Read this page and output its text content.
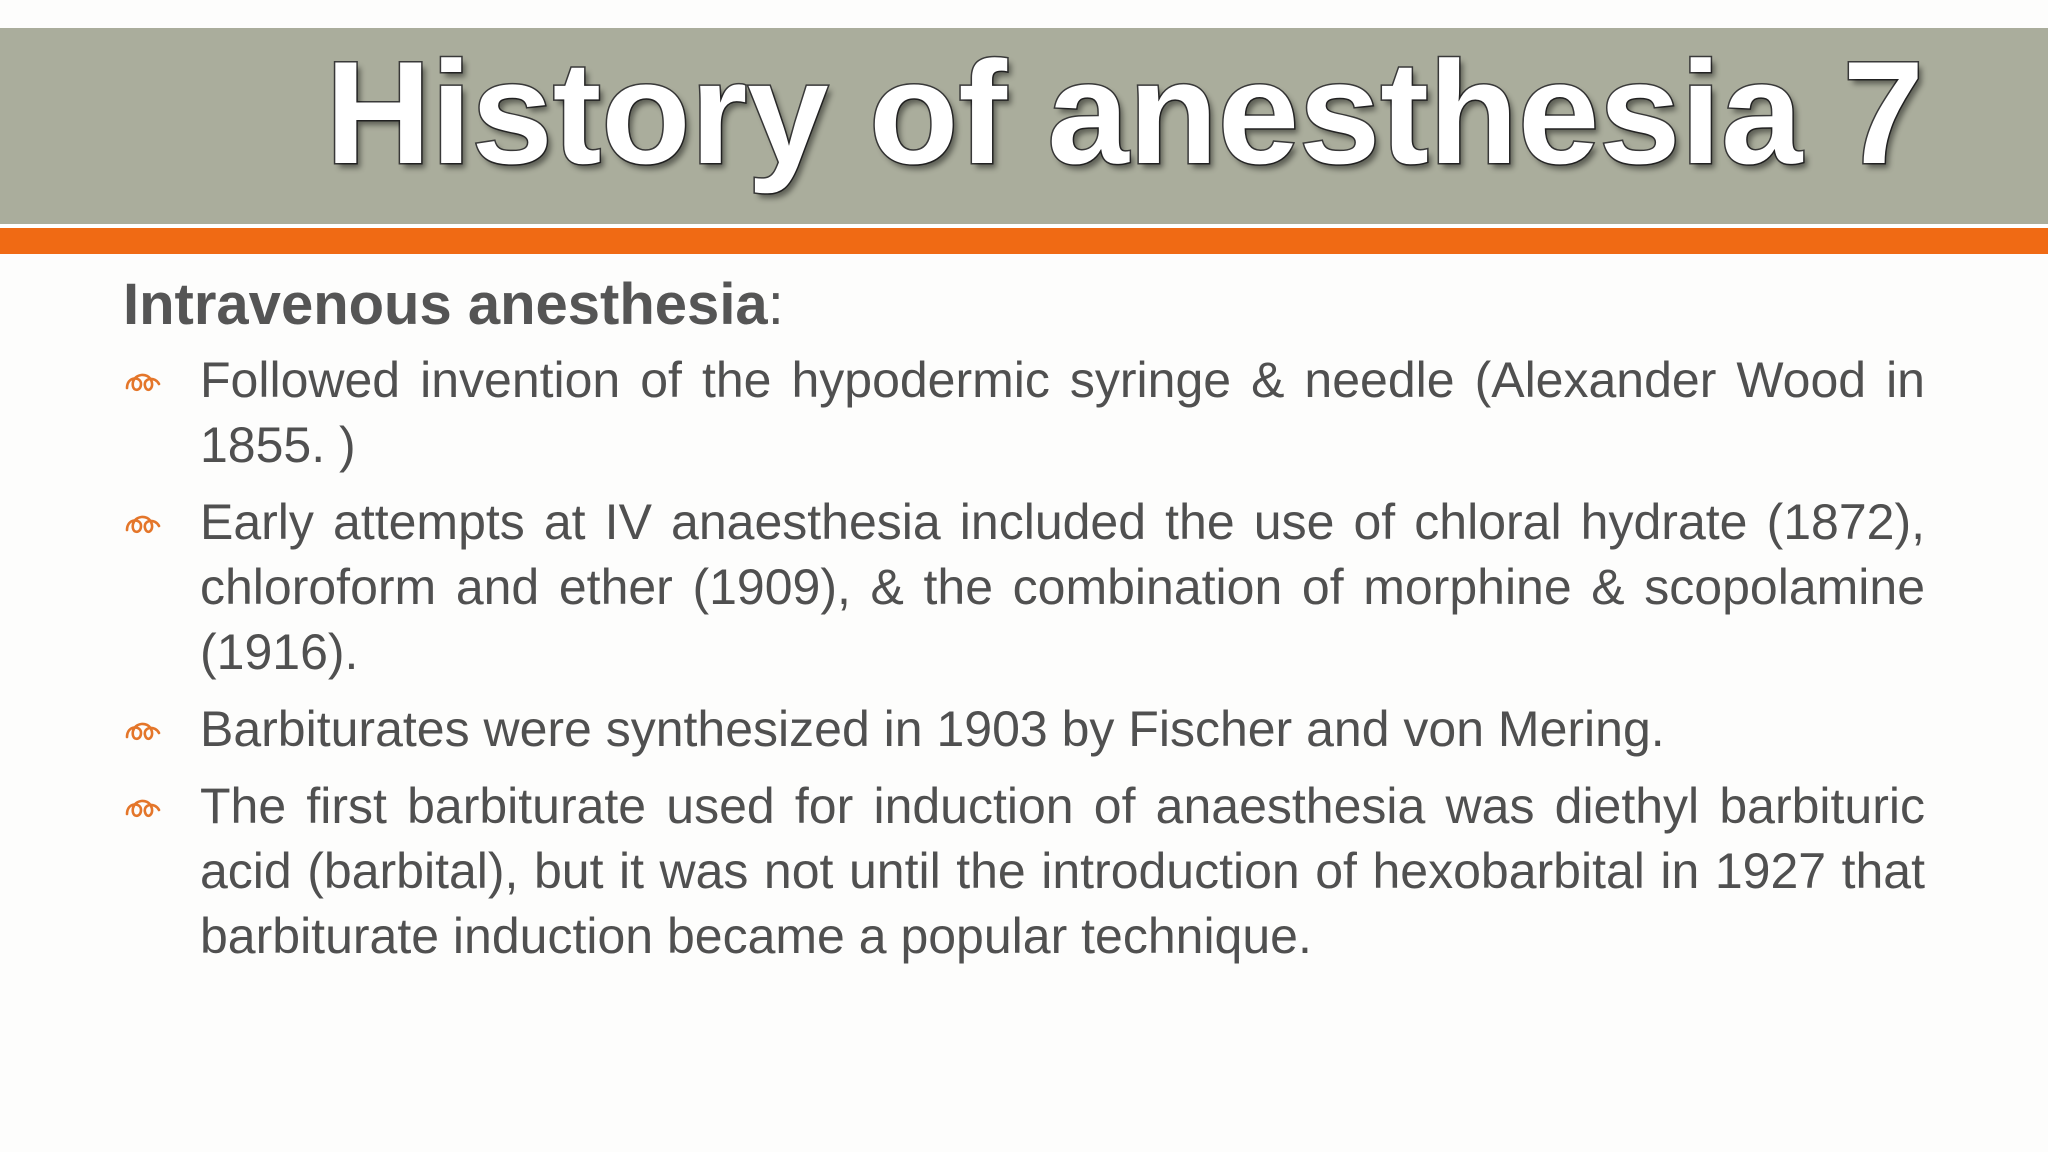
History of anesthesia 7

Intravenous anesthesia:

Followed invention of the hypodermic syringe & needle (Alexander Wood in 1855. )
Early attempts at IV anaesthesia included the use of chloral hydrate (1872), chloroform and ether (1909), & the combination of morphine & scopolamine (1916).
Barbiturates were synthesized in 1903 by Fischer and von Mering.
The first barbiturate used for induction of anaesthesia was diethyl barbituric acid (barbital), but it was not until the introduction of hexobarbital in 1927 that barbiturate induction became a popular technique.
